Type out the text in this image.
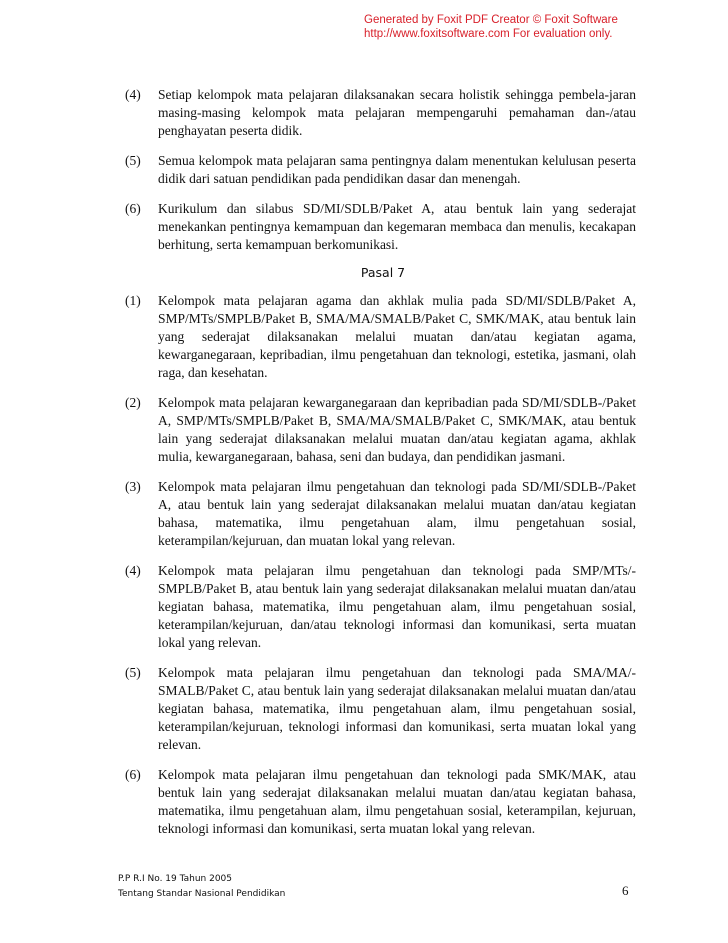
Generated by Foxit PDF Creator © Foxit Software
http://www.foxitsoftware.com For evaluation only.
(4)	Setiap kelompok mata pelajaran dilaksanakan secara holistik sehingga pembela-jaran masing-masing kelompok mata pelajaran mempengaruhi pemahaman dan-/atau penghayatan peserta didik.
(5)	Semua kelompok mata pelajaran sama pentingnya dalam menentukan kelulusan peserta didik dari satuan pendidikan pada pendidikan dasar dan menengah.
(6)	Kurikulum dan silabus SD/MI/SDLB/Paket A, atau bentuk lain yang sederajat menekankan pentingnya kemampuan dan kegemaran membaca dan menulis, kecakapan berhitung, serta kemampuan berkomunikasi.
Pasal 7
(1)	Kelompok mata pelajaran agama dan akhlak mulia pada SD/MI/SDLB/Paket A, SMP/MTs/SMPLB/Paket B, SMA/MA/SMALB/Paket C, SMK/MAK, atau bentuk lain yang sederajat dilaksanakan melalui muatan dan/atau kegiatan agama, kewarganegaraan, kepribadian, ilmu pengetahuan dan teknologi, estetika, jasmani, olah raga, dan kesehatan.
(2)	Kelompok mata pelajaran kewarganegaraan dan kepribadian pada SD/MI/SDLB-/Paket A, SMP/MTs/SMPLB/Paket B, SMA/MA/SMALB/Paket C, SMK/MAK, atau bentuk lain yang sederajat dilaksanakan melalui muatan dan/atau kegiatan agama, akhlak mulia, kewarganegaraan, bahasa, seni dan budaya, dan pendidikan jasmani.
(3)	Kelompok mata pelajaran ilmu pengetahuan dan teknologi pada SD/MI/SDLB-/Paket A, atau bentuk lain yang sederajat dilaksanakan melalui muatan dan/atau kegiatan bahasa, matematika, ilmu pengetahuan alam, ilmu pengetahuan sosial, keterampilan/kejuruan, dan muatan lokal yang relevan.
(4)	Kelompok mata pelajaran ilmu pengetahuan dan teknologi pada SMP/MTs/-SMPLB/Paket B, atau bentuk lain yang sederajat dilaksanakan melalui muatan dan/atau kegiatan bahasa, matematika, ilmu pengetahuan alam, ilmu pengetahuan sosial, keterampilan/kejuruan, dan/atau teknologi informasi dan komunikasi, serta muatan lokal yang relevan.
(5)	Kelompok mata pelajaran ilmu pengetahuan dan teknologi pada SMA/MA/-SMALB/Paket C, atau bentuk lain yang sederajat dilaksanakan melalui muatan dan/atau kegiatan bahasa, matematika, ilmu pengetahuan alam, ilmu pengetahuan sosial, keterampilan/kejuruan, teknologi informasi dan komunikasi, serta muatan lokal yang relevan.
(6)	Kelompok mata pelajaran ilmu pengetahuan dan teknologi pada SMK/MAK, atau bentuk lain yang sederajat dilaksanakan melalui muatan dan/atau kegiatan bahasa, matematika, ilmu pengetahuan alam, ilmu pengetahuan sosial, keterampilan, kejuruan, teknologi informasi dan komunikasi, serta muatan lokal yang relevan.
P.P R.I No. 19 Tahun 2005
Tentang Standar Nasional Pendidikan	6
